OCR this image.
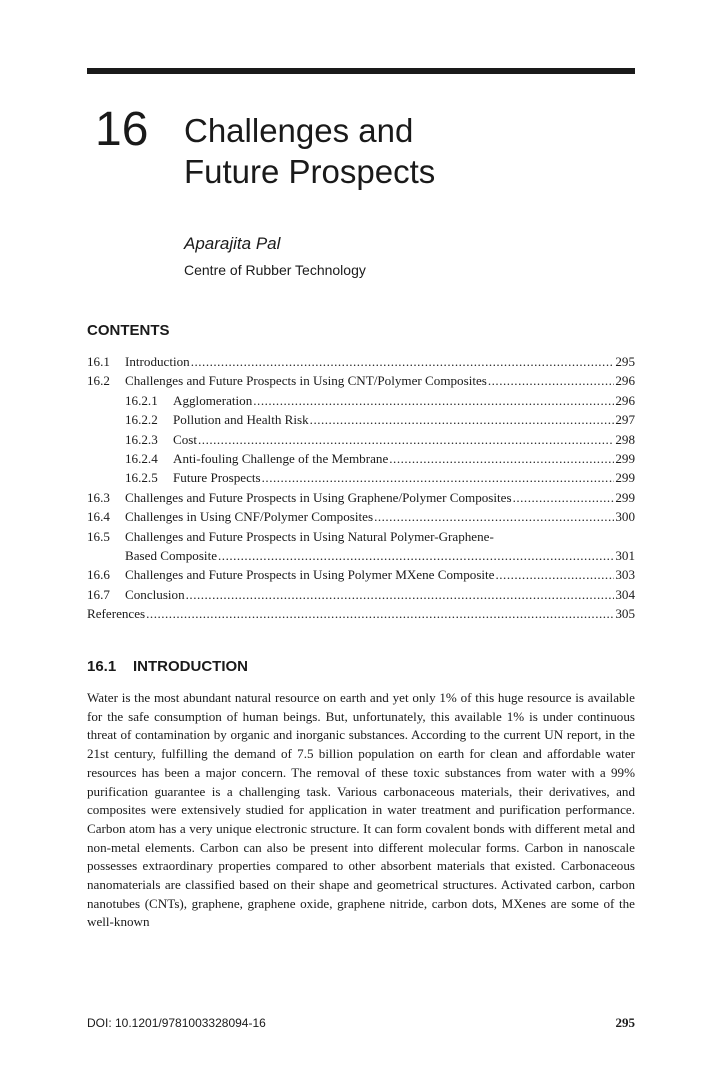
16 Challenges and
Future Prospects
Aparajita Pal
Centre of Rubber Technology
CONTENTS
16.1	Introduction .....	295
16.2	Challenges and Future Prospects in Using CNT/Polymer Composites .....	296
16.2.1	Agglomeration .....	296
16.2.2	Pollution and Health Risk .....	297
16.2.3	Cost .....	298
16.2.4	Anti-fouling Challenge of the Membrane .....	299
16.2.5	Future Prospects .....	299
16.3	Challenges and Future Prospects in Using Graphene/Polymer Composites .....	299
16.4	Challenges in Using CNF/Polymer Composites .....	300
16.5	Challenges and Future Prospects in Using Natural Polymer-Graphene-
Based Composite .....	301
16.6	Challenges and Future Prospects in Using Polymer MXene Composite .....	303
16.7	Conclusion .....	304
References .....	305
16.1 INTRODUCTION
Water is the most abundant natural resource on earth and yet only 1% of this huge resource is available for the safe consumption of human beings. But, unfortunately, this available 1% is under continuous threat of contamination by organic and inorganic substances. According to the current UN report, in the 21st century, fulfilling the demand of 7.5 billion population on earth for clean and affordable water resources has been a major concern. The removal of these toxic substances from water with a 99% purification guarantee is a challenging task. Various carbonaceous materials, their derivatives, and composites were extensively studied for application in water treatment and purification performance. Carbon atom has a very unique electronic structure. It can form covalent bonds with different metal and non-metal elements. Carbon can also be present into different molecular forms. Carbon in nanoscale possesses extraordinary properties compared to other absorbent materials that existed. Carbonaceous nanomaterials are classified based on their shape and geometrical structures. Activated carbon, carbon nanotubes (CNTs), graphene, graphene oxide, graphene nitride, carbon dots, MXenes are some of the well-known
DOI: 10.1201/9781003328094-16	295
